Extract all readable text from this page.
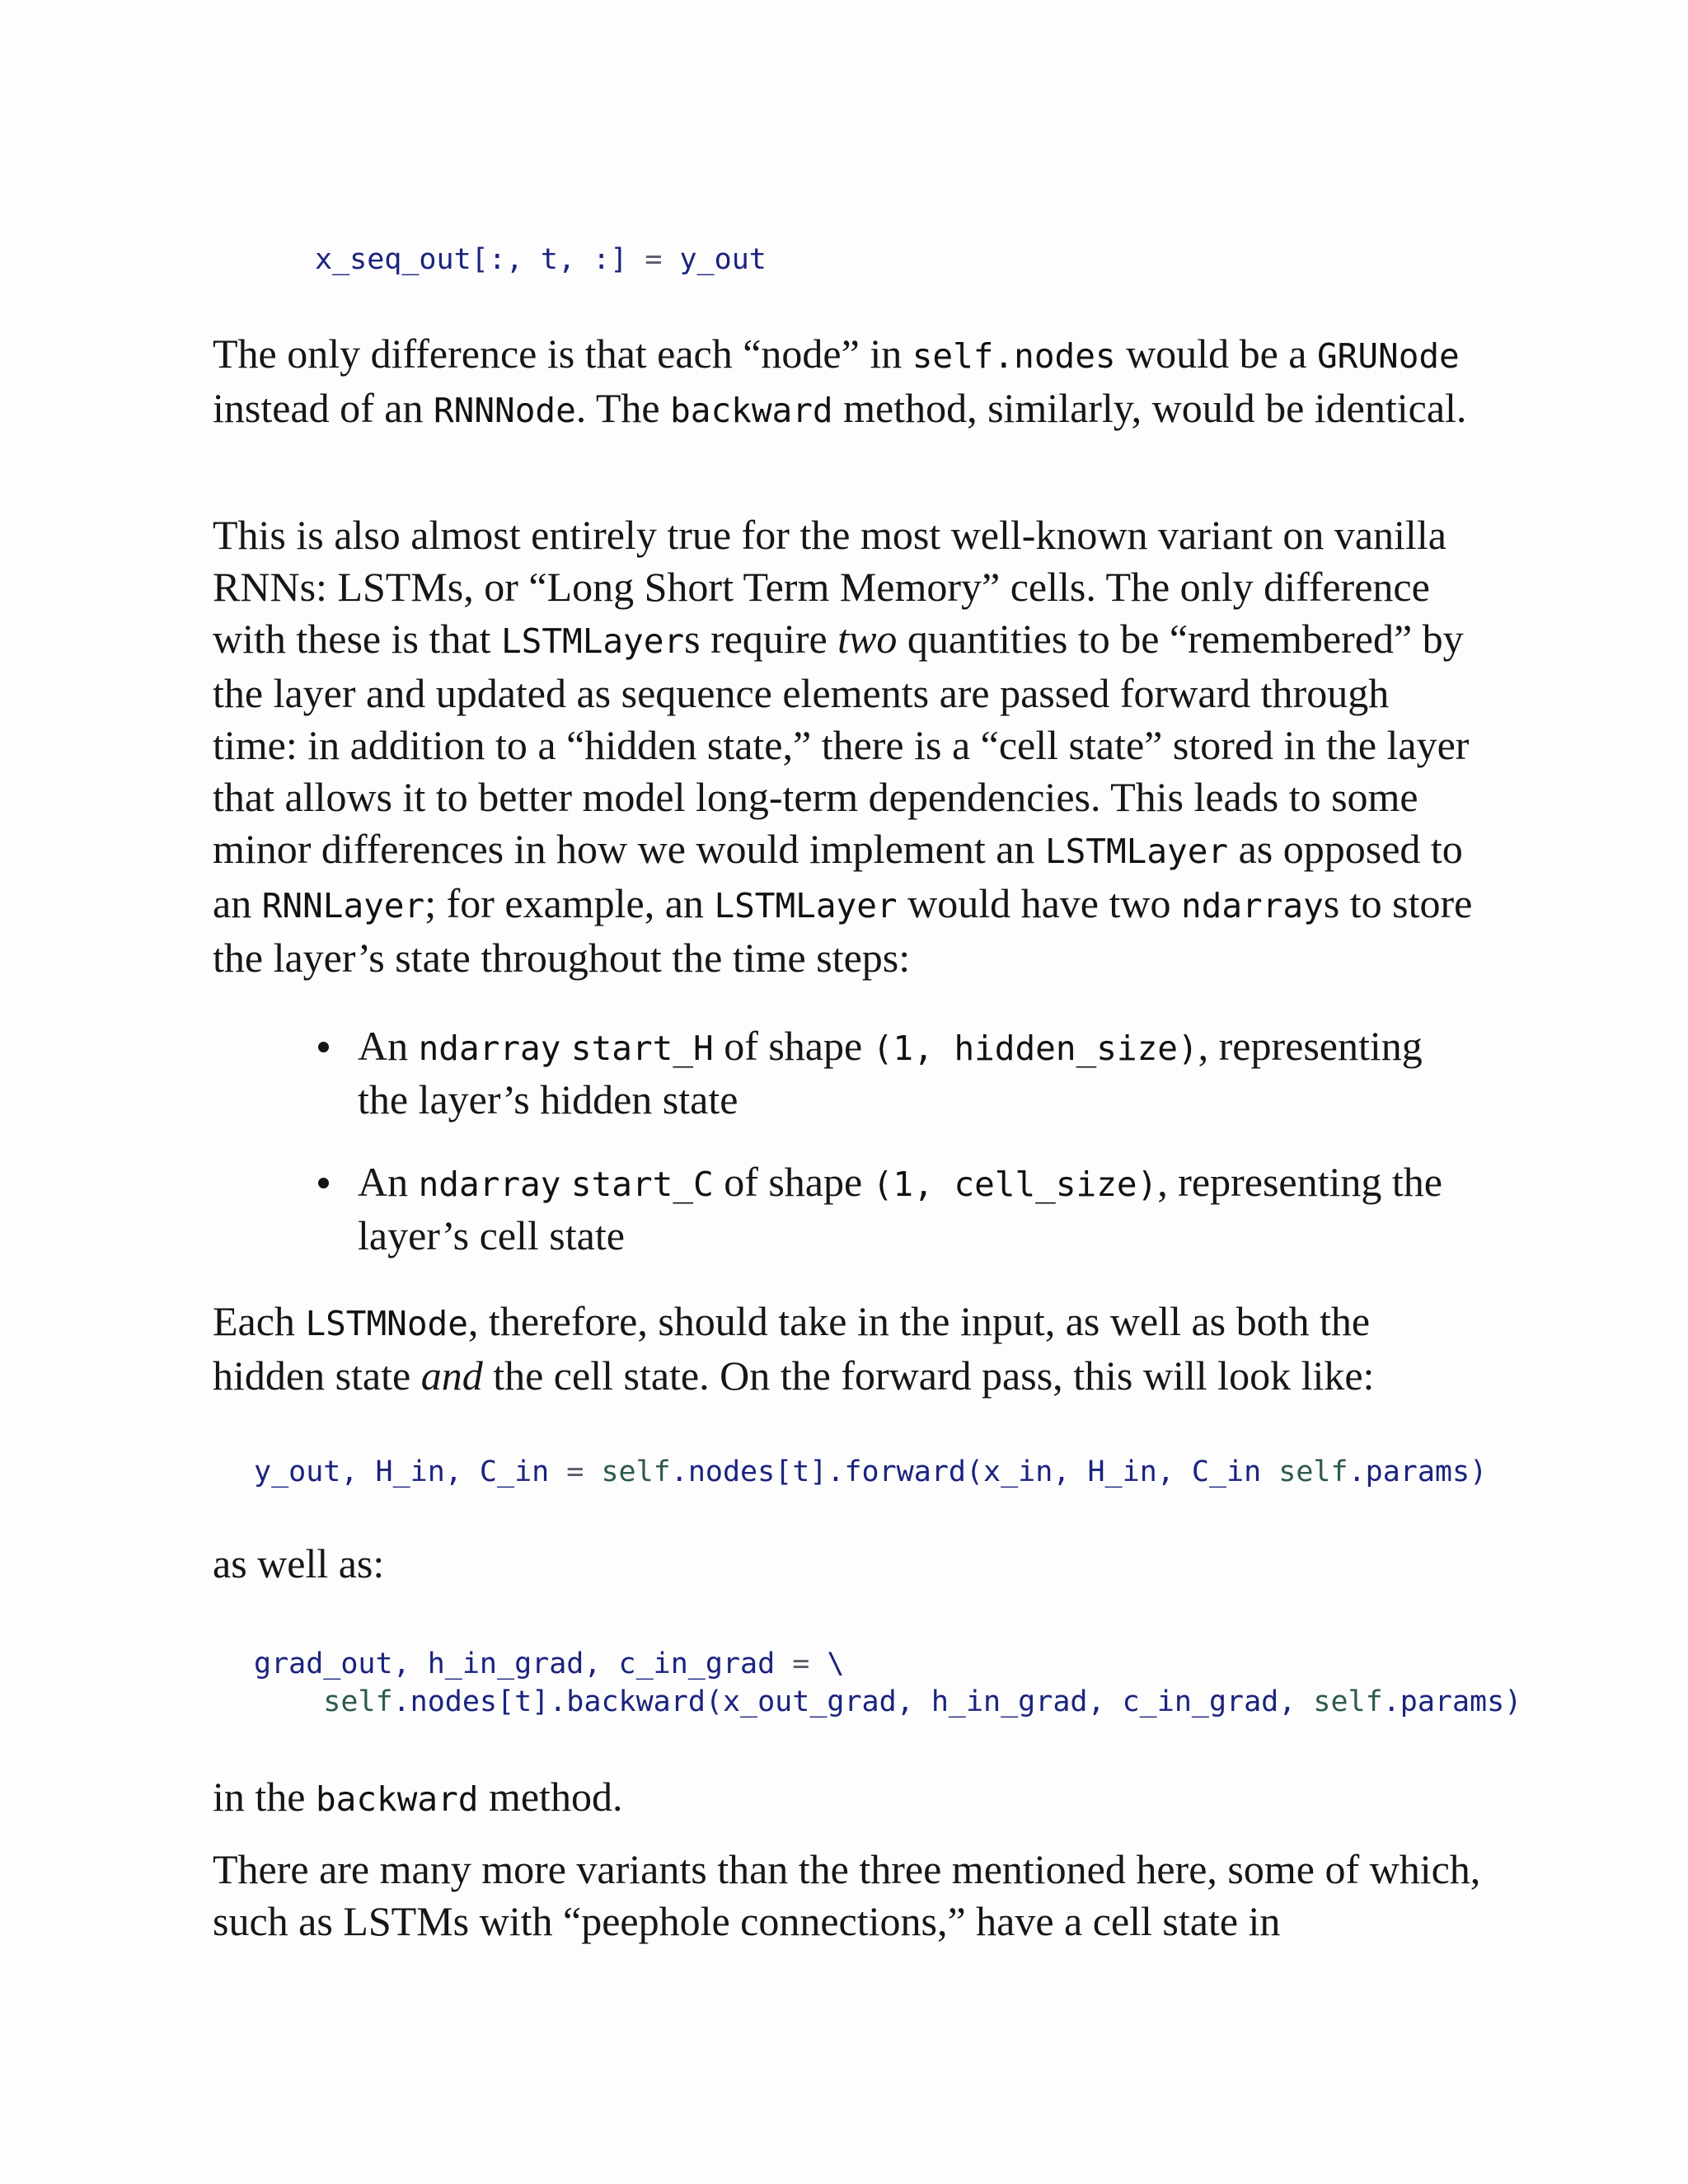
x_seq_out[:, t, :] = y_out

The only difference is that each “node” in self.nodes would be a GRUNode instead of an RNNNode. The backward method, similarly, would be identical.

This is also almost entirely true for the most well-known variant on vanilla RNNs: LSTMs, or “Long Short Term Memory” cells. The only difference with these is that LSTMLayers require two quantities to be “remembered” by the layer and updated as sequence elements are passed forward through time: in addition to a “hidden state,” there is a “cell state” stored in the layer that allows it to better model long-term dependencies. This leads to some minor differences in how we would implement an LSTMLayer as opposed to an RNNLayer; for example, an LSTMLayer would have two ndarrays to store the layer’s state throughout the time steps:

An ndarray start_H of shape (1, hidden_size), representing the layer’s hidden state
An ndarray start_C of shape (1, cell_size), representing the layer’s cell state

Each LSTMNode, therefore, should take in the input, as well as both the hidden state and the cell state. On the forward pass, this will look like:

y_out, H_in, C_in = self.nodes[t].forward(x_in, H_in, C_in self.params)

as well as:

grad_out, h_in_grad, c_in_grad = \
self.nodes[t].backward(x_out_grad, h_in_grad, c_in_grad, self.params)

in the backward method.

There are many more variants than the three mentioned here, some of which, such as LSTMs with “peephole connections,” have a cell state in
